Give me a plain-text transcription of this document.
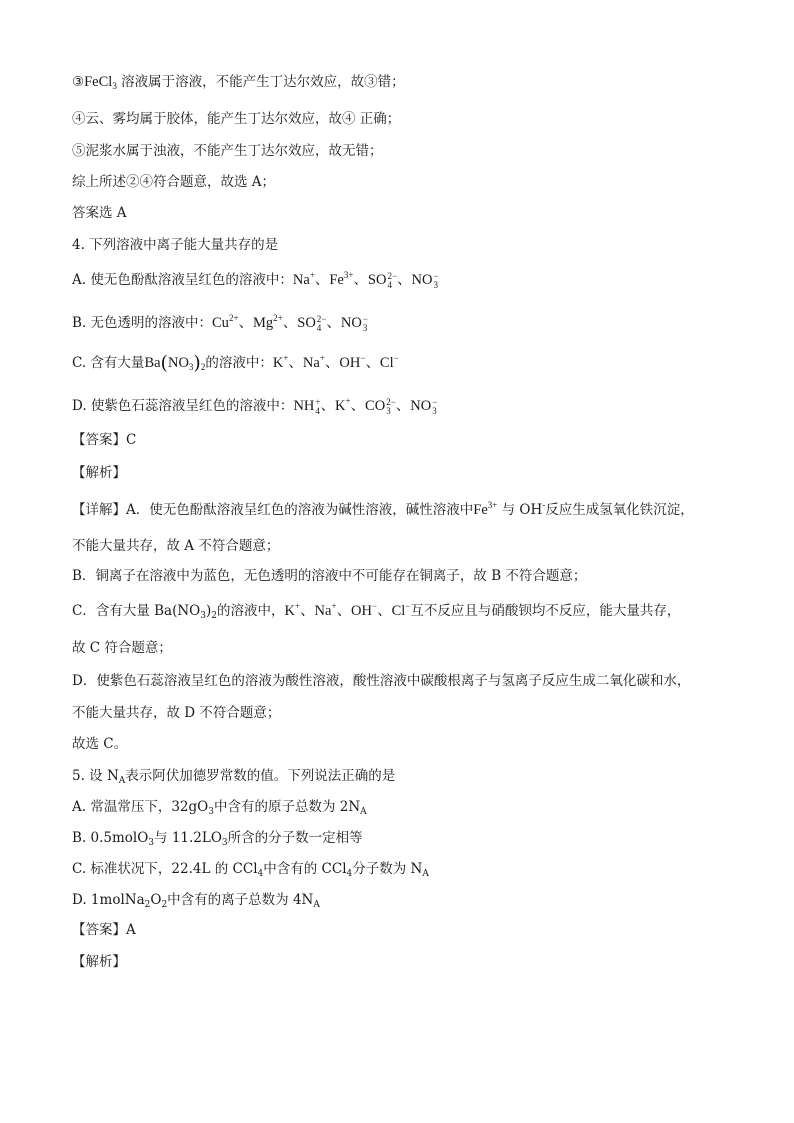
③FeCl$_3$ 溶液属于溶液，不能产生丁达尔效应，故③错；
④云、雾均属于胶体，能产生丁达尔效应，故④ 正确；
⑤泥浆水属于浊液，不能产生丁达尔效应，故无错；
综上所述②④符合题意，故选 A；
答案选 A
4. 下列溶液中离子能大量共存的是
A. 使无色酚酞溶液呈红色的溶液中：Na+、$Fe^{3+}$、SO 2−
4 、NO −
3
B. 无色透明的溶液中：$Cu^{2+}$、$Mg^{2+}$、SO 2−
4 、NO −
3
C. 含有大量$Ba(NO_3)_2$的溶液中：K+、Na+、OH−、Cl−
D. 使紫色石蕊溶液呈红色的溶液中：NH +
4 、K+、CO 2−
3 、NO −
3
【答案】C
【解析】
【详解】A．使无色酚酞溶液呈红色的溶液为碱性溶液，碱性溶液中$Fe^{3+}$ 与 OH-反应生成氢氧化铁沉淀，
不能大量共存，故 A 不符合题意；
B．铜离子在溶液中为蓝色，无色透明的溶液中不可能存在铜离子，故 B 不符合题意；
C．含有大量 $Ba(NO_3)_2$的溶液中，K+、Na+、OH−、Cl−互不反应且与硝酸钡均不反应，能大量共存，
故 C 符合题意；
D．使紫色石蕊溶液呈红色的溶液为酸性溶液，酸性溶液中碳酸根离子与氢离子反应生成二氧化碳和水，
不能大量共存，故 D 不符合题意；
故选 C。
5. 设 $N_A$表示阿伏加德罗常数的值。下列说法正确的是
A. 常温常压下，$32gO_3$中含有的原子总数为 $2N_A$
B. 0.5molO$_3$与 $11.2LO_3$所含的分子数一定相等
C. 标准状况下，22.4L 的 CCl$_4$中含有的 CCl$_4$分子数为 $N_A$
D. $1molNa_2O_2$中含有的离子总数为 $4N_A$
【答案】A
【解析】
